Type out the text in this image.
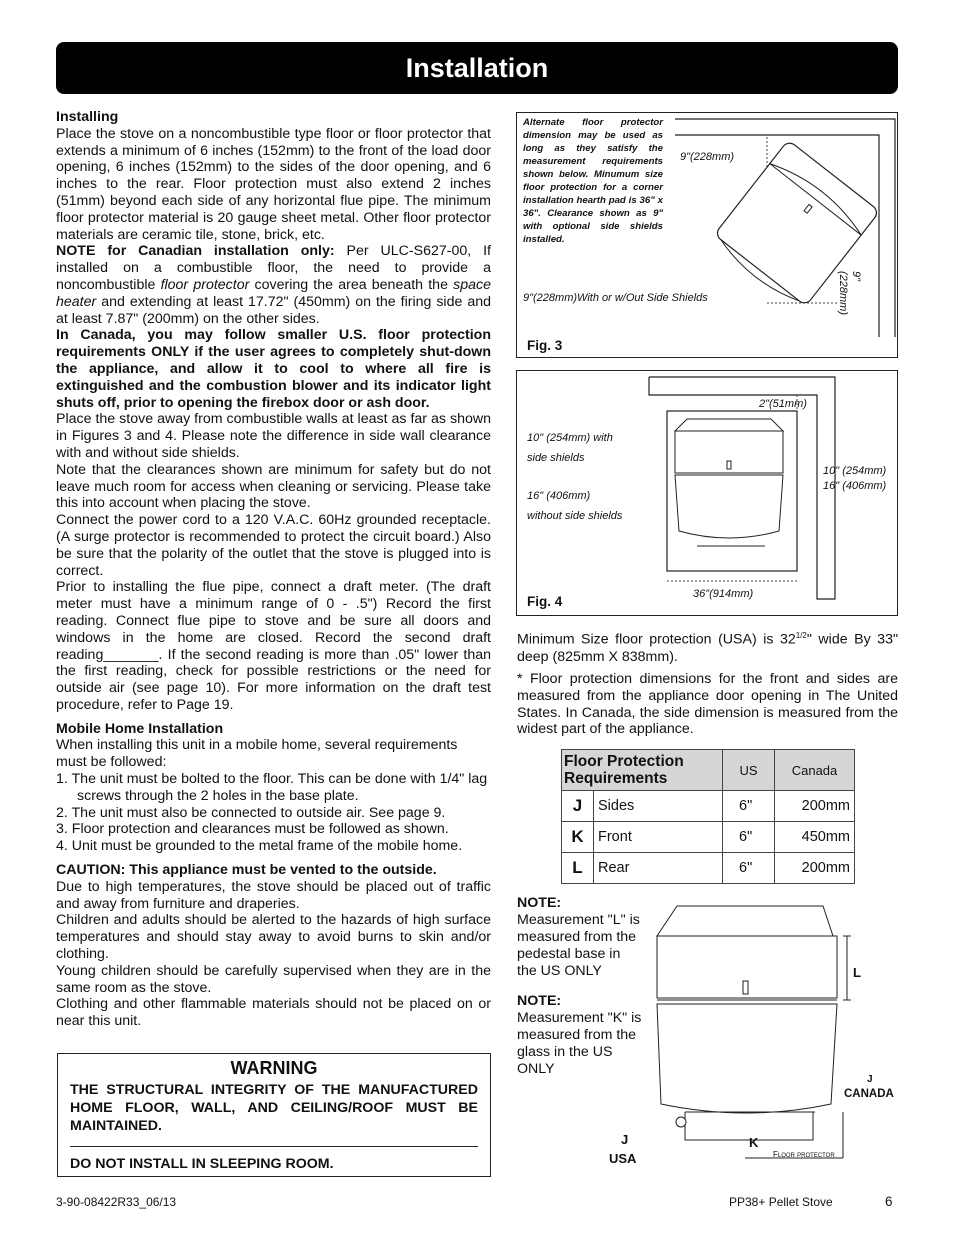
Installation

Installing

Place the stove on a noncombustible type floor or floor protector that extends a minimum of 6 inches (152mm) to the front of the load door opening, 6 inches (152mm) to the sides of the door opening, and 6 inches to the rear. Floor protection must also extend 2 inches (51mm) beyond each side of any horizontal flue pipe. The minimum floor protector material is 20 gauge sheet metal. Other floor protector materials are ceramic tile, stone, brick, etc.

NOTE for Canadian installation only: Per ULC-S627-00, If installed on a combustible floor, the need to provide a noncombustible floor protector covering the area beneath the space heater and extending at least 17.72" (450mm) on the firing side and at least 7.87" (200mm) on the other sides.

In Canada, you may follow smaller U.S. floor protection requirements ONLY if the user agrees to completely shut-down the appliance, and allow it to cool to where all fire is extinguished and the combustion blower and its indicator light shuts off, prior to opening the firebox door or ash door.

Place the stove away from combustible walls at least as far as shown in Figures 3 and 4. Please note the difference in side wall clearance with and without side shields.

Note that the clearances shown are minimum for safety but do not leave much room for access when cleaning or servicing. Please take this into account when placing the stove.

Connect the power cord to a 120 V.A.C. 60Hz grounded receptacle. (A surge protector is recommended to protect the circuit board.) Also be sure that the polarity of the outlet that the stove is plugged into is correct.

Prior to installing the flue pipe, connect a draft meter. (The draft meter must have a minimum range of 0 - .5") Record the first reading. Connect flue pipe to stove and be sure all doors and windows in the home are closed. Record the second draft reading_______. If the second reading is more than .05" lower than the first reading, check for possible restrictions or the need for outside air (see page 10). For more information on the draft test procedure, refer to Page 19.

Mobile Home Installation

When installing this unit in a mobile home, several requirements must be followed:

1. The unit must be bolted to the floor. This can be done with 1/4" lag screws through the 2 holes in the base plate.

2. The unit must also be connected to outside air. See page 9.

3. Floor protection and clearances must be followed as shown.

4. Unit must be grounded to the metal frame of the mobile home.

CAUTION: This appliance must be vented to the outside.

Due to high temperatures, the stove should be placed out of traffic and away from furniture and draperies.

Children and adults should be alerted to the hazards of high surface temperatures and should stay away to avoid burns to skin and/or clothing.

Young children should be carefully supervised when they are in the same room as the stove.

Clothing and other flammable materials should not be placed on or near this unit.

WARNING
THE STRUCTURAL INTEGRITY OF THE MANUFACTURED HOME FLOOR, WALL, AND CEILING/ROOF MUST BE MAINTAINED.
DO NOT INSTALL IN SLEEPING ROOM.
Alternate floor protector dimension may be used as long as they satisfy the measurement requirements shown below. Minumum size floor protection for a corner installation hearth pad is 36" x 36". Clearance shown as 9" with optional side shields installed.
9"(228mm)
9"(228mm)With or w/Out Side Shields
9"(228mm)
Fig. 3
2"(51mm)
10" (254mm) with
side shields
16" (406mm)
without side shields
10" (254mm)
16" (406mm)
36"(914mm)
Fig. 4

Minimum Size floor protection (USA) is $32^{1/2}$" wide By 33" deep (825mm X 838mm).

* Floor protection dimensions for the front and sides are measured from the appliance door opening in The United States. In Canada, the side dimension is measured from the widest part of the appliance.

Floor Protection Requirements		US	Canada
J	Sides	6"	200mm
K	Front	6"	450mm
L	Rear	6"	200mm

NOTE:

Measurement "L" is measured from the pedestal base in the US ONLY

NOTE:

Measurement "K" is measured from the glass in the US ONLY

L
J
CANADA
K
Floor protector
J
USA
3-90-08422R33_06/13	PP38+ Pellet Stove	6
